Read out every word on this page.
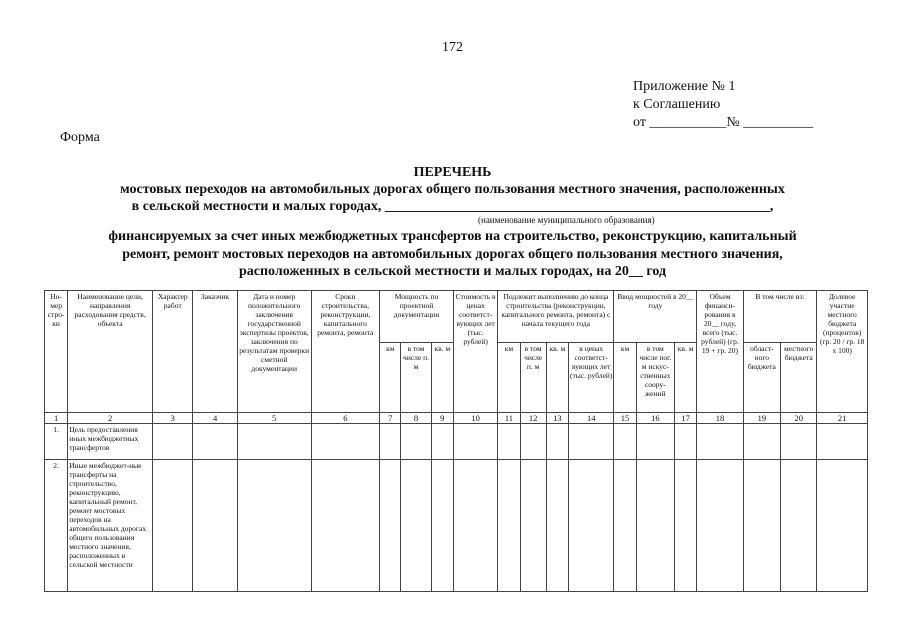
172
Приложение № 1
к Соглашению
от ___________№ __________
Форма
ПЕРЕЧЕНЬ
мостовых переходов на автомобильных дорогах общего пользования местного значения, расположенных
в сельской местности и малых городах, _______________________________________________________,
(наименование муниципального образования)
финансируемых за счет иных межбюджетных трансфертов на строительство, реконструкцию, капитальный
ремонт, ремонт мостовых переходов на автомобильных дорогах общего пользования местного значения,
расположенных в сельской местности и малых городах, на 20__ год
Но-мер стро-ки	Наименование цели, направления расходования средств, объекта	Характер работ	Заказчик	Дата и номер положительного заключения государственной экспертизы проектов, заключения по результатам проверки сметной документации	Сроки строительства, реконструкции, капитального ремонта, ремонта	Мощность по проектной документации			Стоимость в ценах соответст-вующих лет (тыс. рублей)	Подлежит выполнению до конца строительства (реконструкции, капитального ремонта, ремонта) с начала текущего года				Ввод мощностей в 20__ году			Объем финанси-рования в 20__ году, всего (тыс. рублей) (гр. 19 + гр. 20)	В том числе из:		Долевое участие местного бюджета (процентов) (гр. 20 / гр. 18 x 100)
						км	в том числе п. м	кв. м		км	в том числе п. м	кв. м	в ценах соответст-вующих лет (тыс. рублей)	км	в том числе пог. м искус-ственных соору-жений	кв. м		област-ного бюджета	местного бюджета	
1	2	3	4	5	6	7	8	9	10	11	12	13	14	15	16	17	18	19	20	21
1.	Цель предоставления иных межбюджетных трансфертов																			
2.	Иные межбюджет-ные трансферты на строительство, реконструкцию, капитальный ремонт, ремонт мостовых переходов на автомобильных дорогах общего пользования местного значения, расположенных в сельской местности																			
